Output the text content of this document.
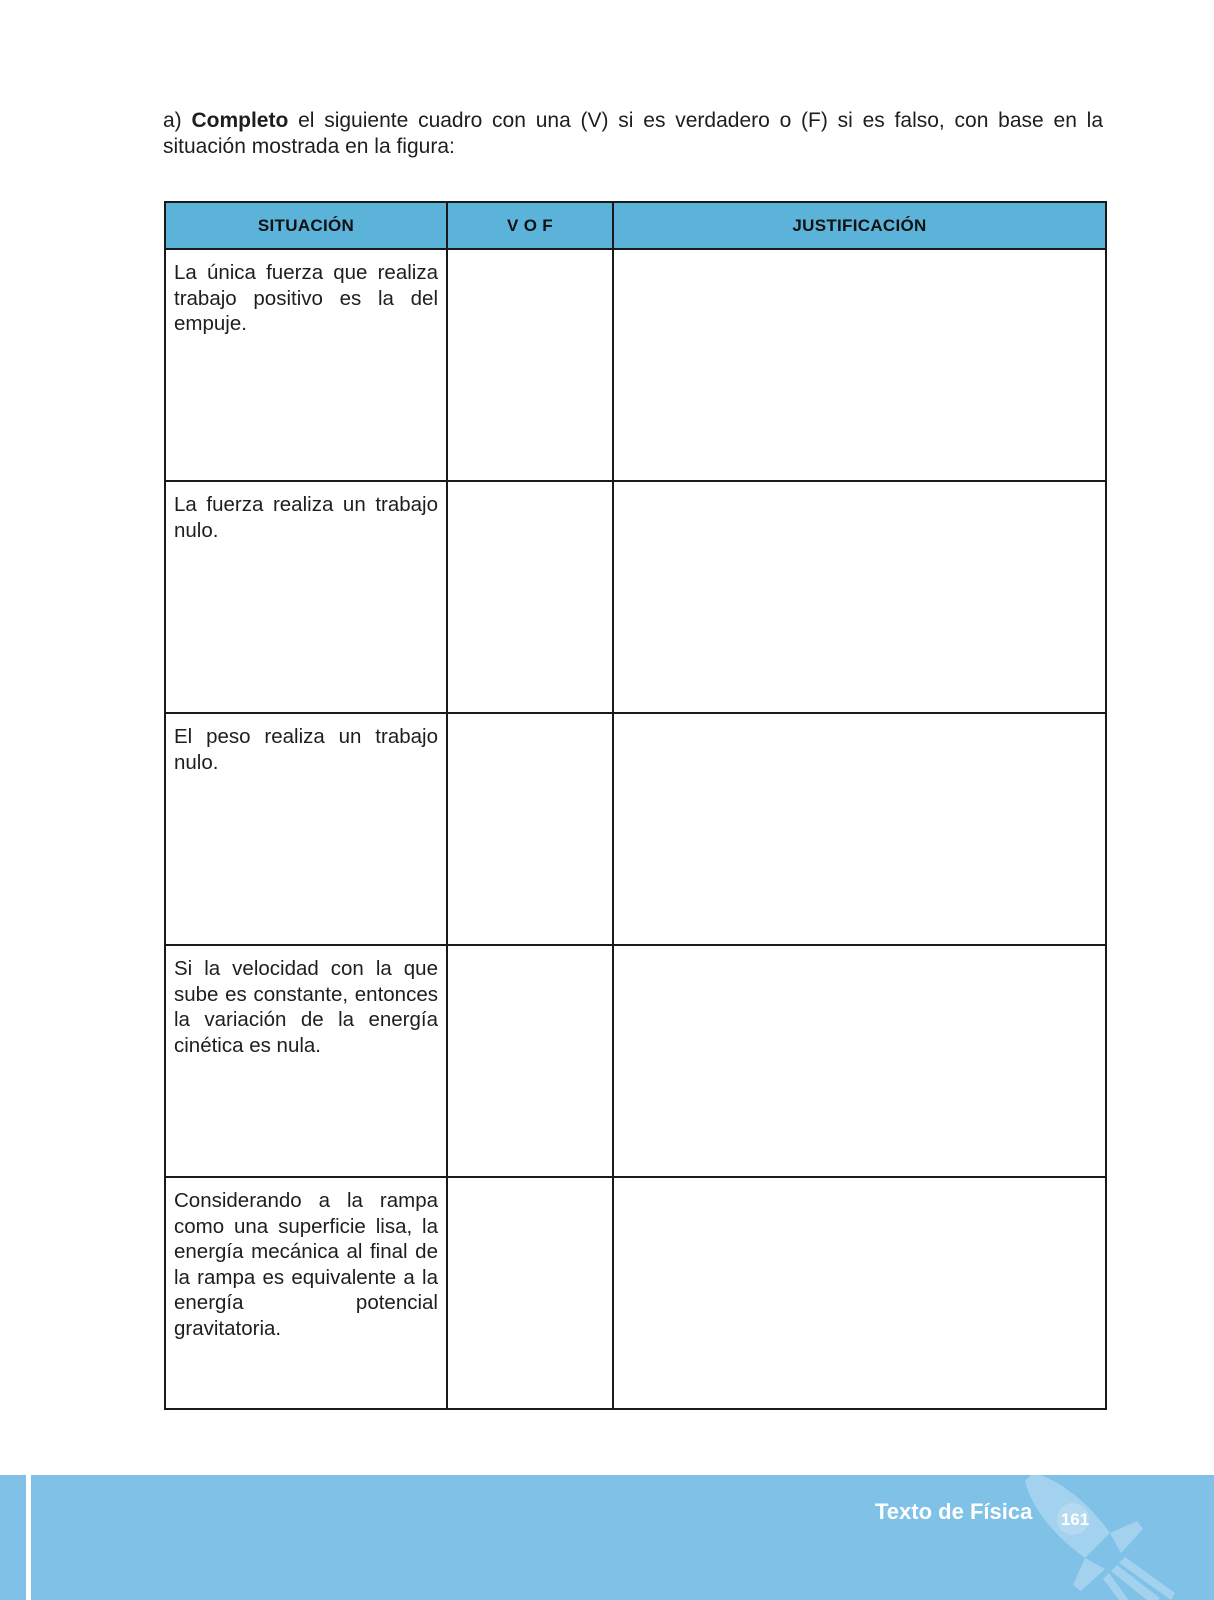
a) Completo el siguiente cuadro con una (V) si es verdadero o (F) si es falso, con base en la situación mostrada en la figura:
SITUACIÓN	V O F	JUSTIFICACIÓN

La única fuerza que realiza trabajo positivo es la del empuje.		

La fuerza realiza un trabajo nulo.		

El peso realiza un trabajo nulo.		

Si la velocidad con la que sube es constante, entonces la variación de la energía cinética es nula.		

Considerando a la rampa como una superficie lisa, la energía mecánica al final de la rampa es equivalente a la energía potencial gravitatoria.		

Texto de Física	161
